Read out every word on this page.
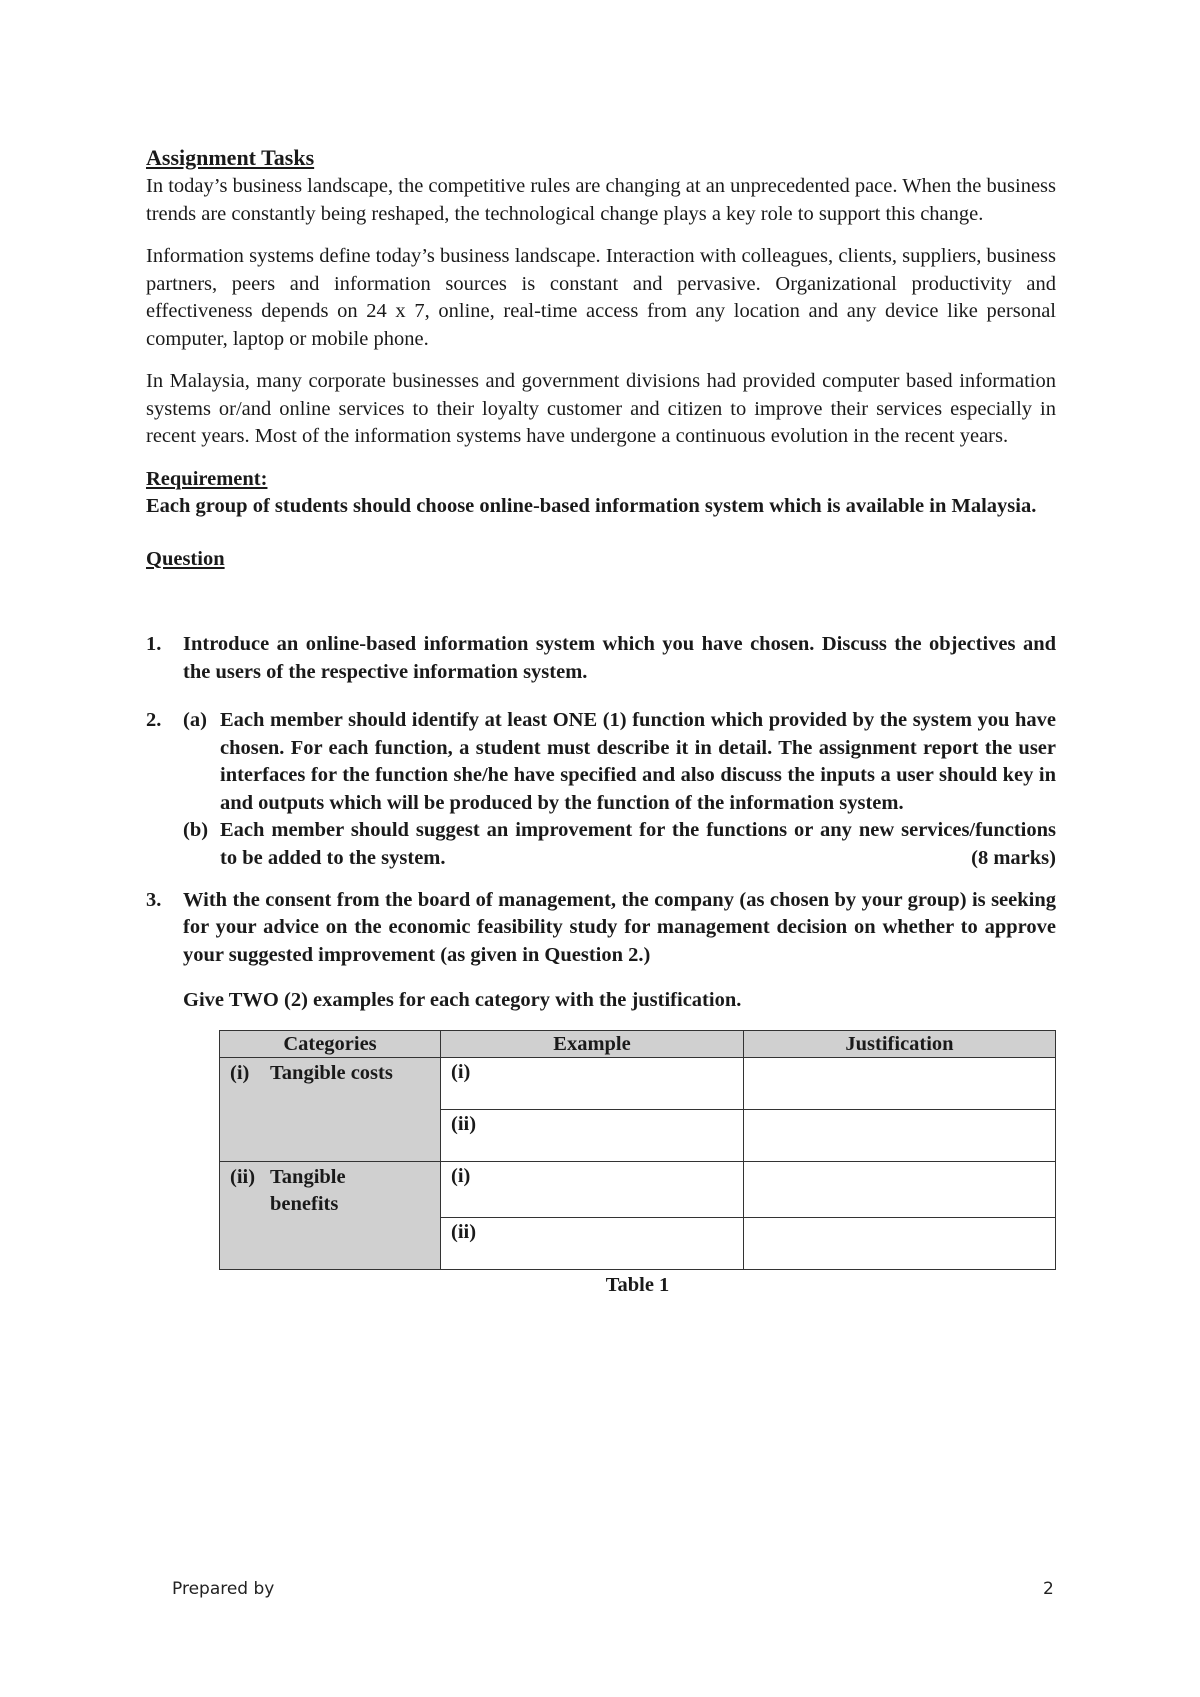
Assignment Tasks

In today’s business landscape, the competitive rules are changing at an unprecedented pace. When the business trends are constantly being reshaped, the technological change plays a key role to support this change.

Information systems define today’s business landscape. Interaction with colleagues, clients, suppliers, business partners, peers and information sources is constant and pervasive. Organizational productivity and effectiveness depends on 24 x 7, online, real-time access from any location and any device like personal computer, laptop or mobile phone.

In Malaysia, many corporate businesses and government divisions had provided computer based information systems or/and online services to their loyalty customer and citizen to improve their services especially in recent years. Most of the information systems have undergone a continuous evolution in the recent years.

Requirement:
Each group of students should choose online-based information system which is available in Malaysia.
Question
1.	Introduce an online-based information system which you have chosen. Discuss the objectives and the users of the respective information system.
2.	(a) Each member should identify at least ONE (1) function which provided by the system you have chosen. For each function, a student must describe it in detail. The assignment report the user interfaces for the function she/he have specified and also discuss the inputs a user should key in and outputs which will be produced by the function of the information system.
(b) Each member should suggest an improvement for the functions or any new services/functions to be added to the system.	(8 marks)
3.	With the consent from the board of management, the company (as chosen by your group) is seeking for your advice on the economic feasibility study for management decision on whether to approve your suggested improvement (as given in Question 2.)
Give TWO (2) examples for each category with the justification.
Categories	Example	Justification

(i) Tangible costs	(i)	

	(ii)	

(ii) Tangible benefits	(i)	

	(ii)	

Table 1
Prepared by	2
